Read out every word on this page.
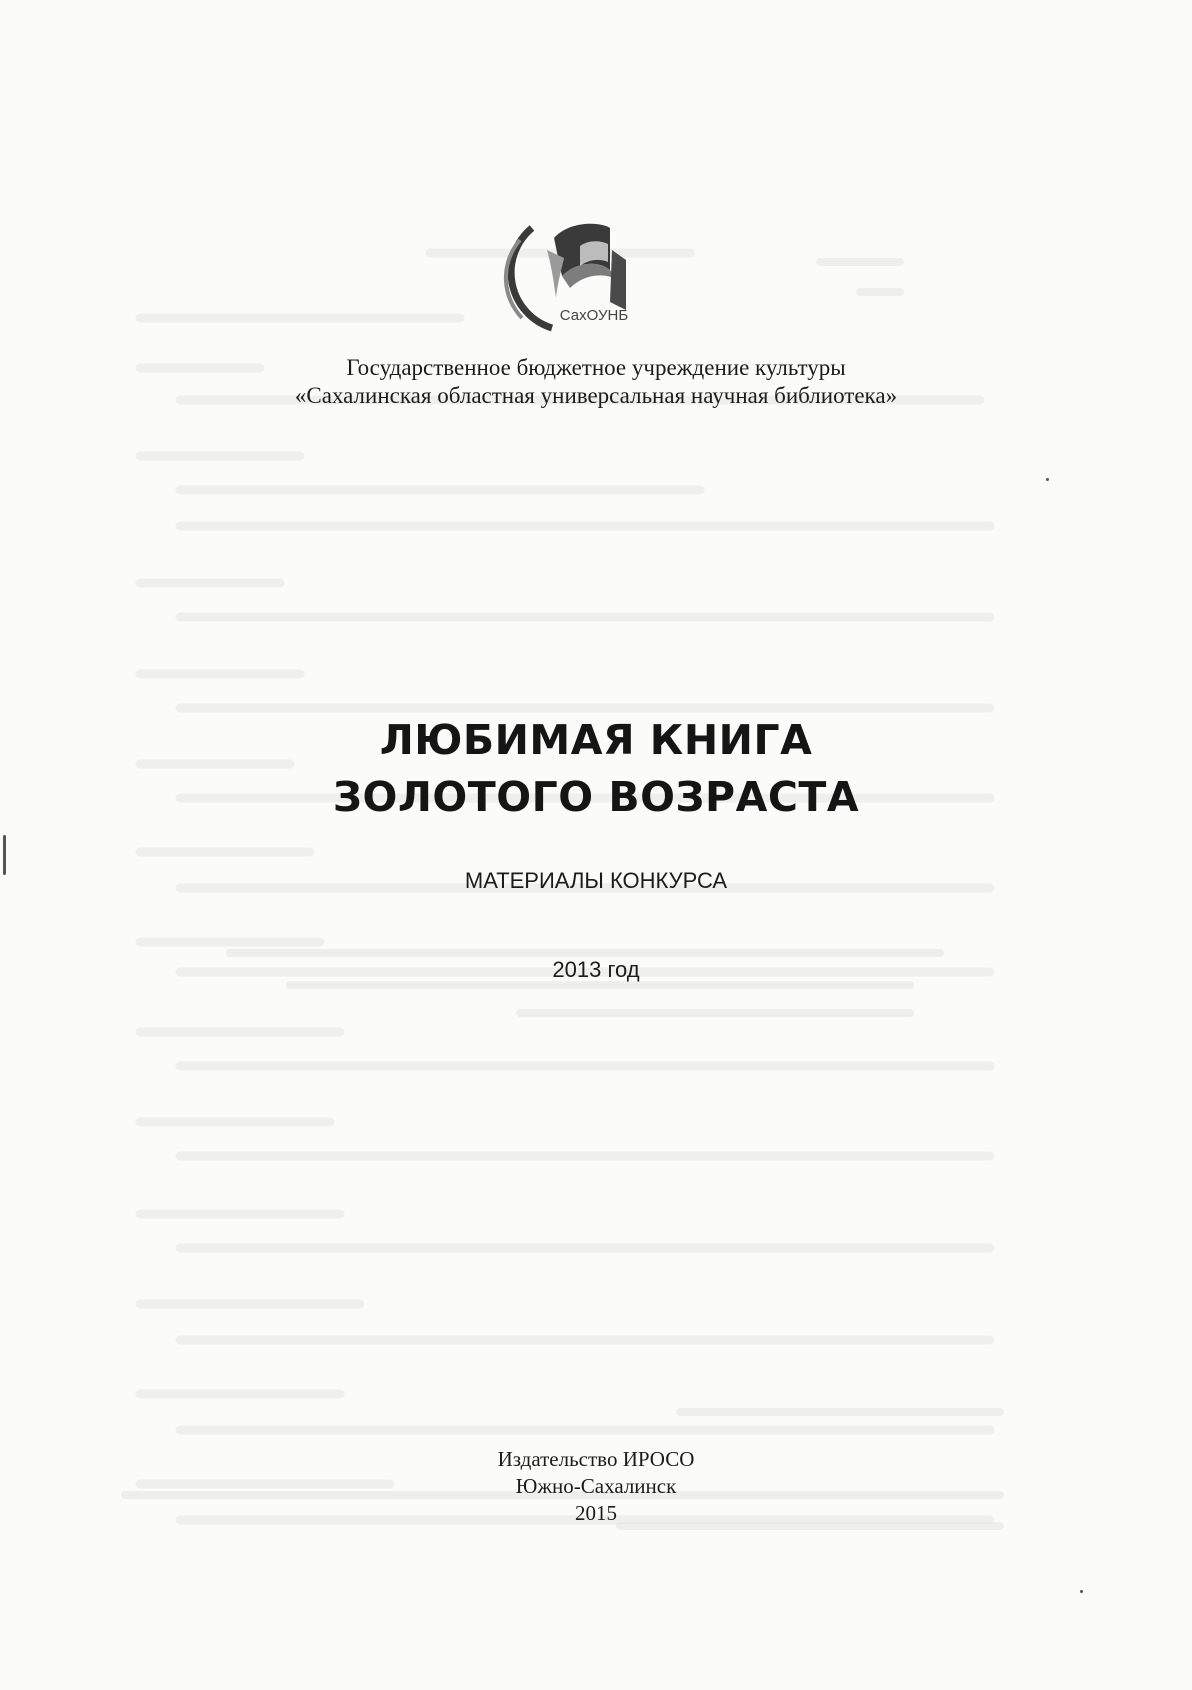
СахОУНБ
Государственное бюджетное учреждение культуры
«Сахалинская областная универсальная научная библиотека»
ЛЮБИМАЯ КНИГА
ЗОЛОТОГО ВОЗРАСТА
МАТЕРИАЛЫ КОНКУРСА
2013 год
Издательство ИРОСО
Южно-Сахалинск
2015
